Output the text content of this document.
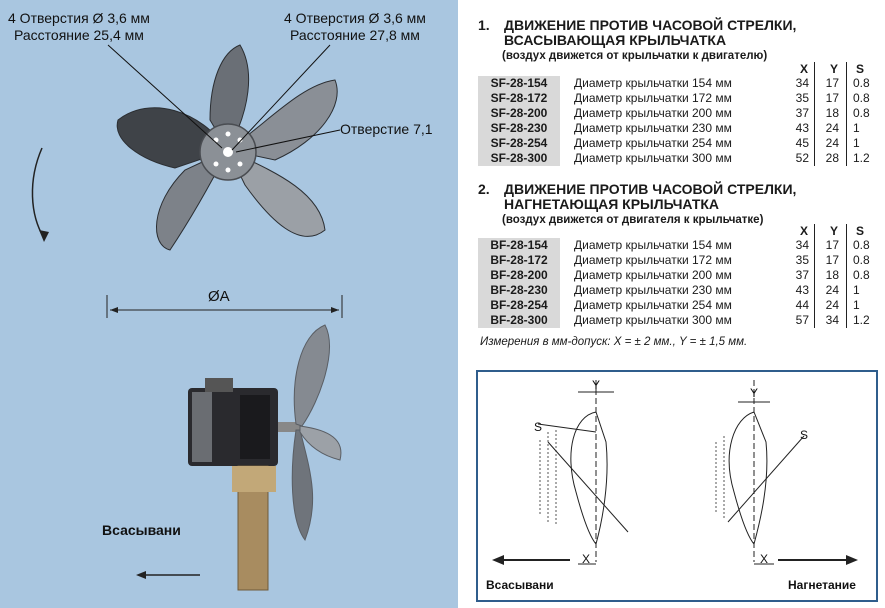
4 Отверстия Ø 3,6 мм
Расстояние 25,4 мм
4 Отверстия Ø 3,6 мм
Расстояние 27,8 мм
Отверстие 7,1
ØA
Всасывани
1. ДВИЖЕНИЕ ПРОТИВ ЧАСОВОЙ СТРЕЛКИ,
ВСАСЫВАЮЩАЯ КРЫЛЬЧАТКА
(воздух движется от крыльчатки к двигателю)
X Y S
SF-28-154	Диаметр крыльчатки 154 мм	34	17 0.8
SF-28-172	Диаметр крыльчатки 172 мм	35	17 0.8
SF-28-200	Диаметр крыльчатки 200 мм	37	18 0.8
SF-28-230	Диаметр крыльчатки 230 мм	43	24 1
SF-28-254	Диаметр крыльчатки 254 мм	45	24 1
SF-28-300	Диаметр крыльчатки 300 мм	52	28 1.2
2. ДВИЖЕНИЕ ПРОТИВ ЧАСОВОЙ СТРЕЛКИ,
НАГНЕТАЮЩАЯ КРЫЛЬЧАТКА
(воздух движется от двигателя к крыльчатке)
X Y S
BF-28-154	Диаметр крыльчатки 154 мм	34	17 0.8
BF-28-172	Диаметр крыльчатки 172 мм	35	17 0.8
BF-28-200	Диаметр крыльчатки 200 мм	37	18 0.8
BF-28-230	Диаметр крыльчатки 230 мм	43	24 1
BF-28-254	Диаметр крыльчатки 254 мм	44	24 1
BF-28-300	Диаметр крыльчатки 300 мм	57	34 1.2
Измерения в мм-допуск: X = ± 2 мм., Y = ± 1,5 мм.
Y
Y
X	X
S
S
Всасывани	Нагнетание
